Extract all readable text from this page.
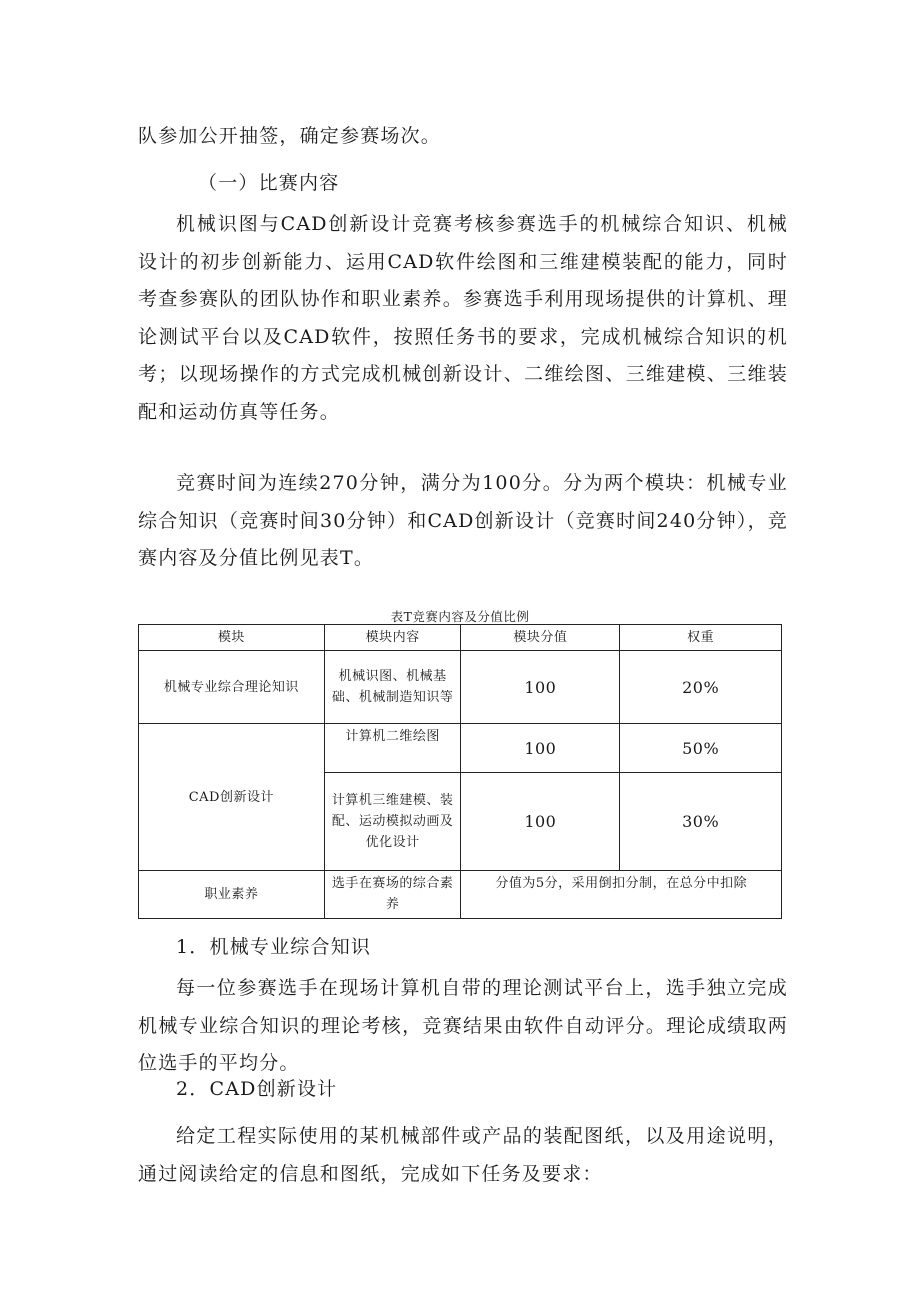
队参加公开抽签，确定参赛场次。

（一）比赛内容

机械识图与CAD创新设计竞赛考核参赛选手的机械综合知识、机械设计的初步创新能力、运用CAD软件绘图和三维建模装配的能力，同时考查参赛队的团队协作和职业素养。参赛选手利用现场提供的计算机、理论测试平台以及CAD软件，按照任务书的要求，完成机械综合知识的机考；以现场操作的方式完成机械创新设计、二维绘图、三维建模、三维装配和运动仿真等任务。

竞赛时间为连续270分钟，满分为100分。分为两个模块：机械专业综合知识（竞赛时间30分钟）和CAD创新设计（竞赛时间240分钟），竞赛内容及分值比例见表T。

表T竞赛内容及分值比例
模块	模块内容	模块分值	权重
机械专业综合理论知识	机械识图、机械基础、机械制造知识等	100	20%
CAD创新设计	计算机二维绘图	100	50%
	计算机三维建模、装配、运动模拟动画及优化设计	100	30%
职业素养	选手在赛场的综合素养	分值为5分，采用倒扣分制，在总分中扣除	

1．机械专业综合知识

每一位参赛选手在现场计算机自带的理论测试平台上，选手独立完成机械专业综合知识的理论考核，竞赛结果由软件自动评分。理论成绩取两位选手的平均分。

2．CAD创新设计

给定工程实际使用的某机械部件或产品的装配图纸，以及用途说明，通过阅读给定的信息和图纸，完成如下任务及要求：
